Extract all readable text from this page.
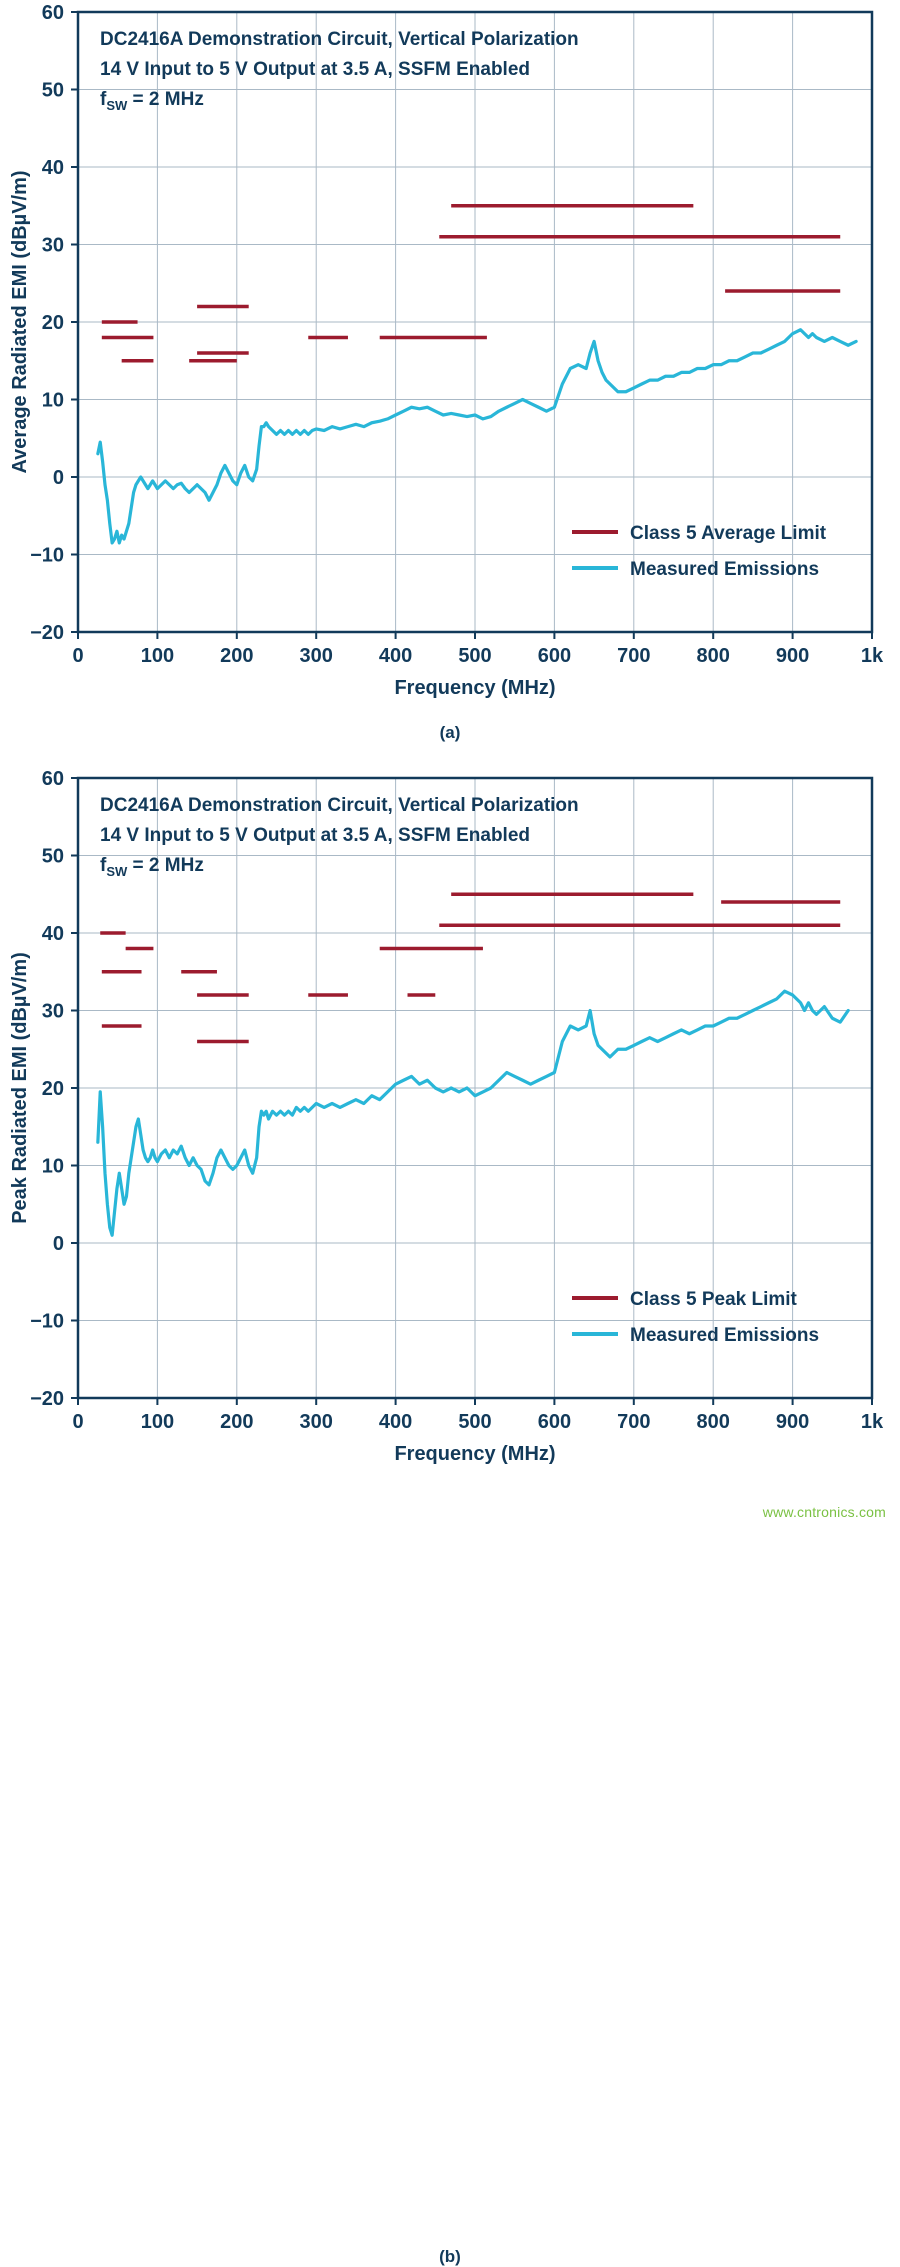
0	100 200 300 400 500 600 700 800 900	1k
−20
−10
0
10
20
30
40
50
60
Frequency (MHz)
Average Radiated EMI (dBµV/m)
DC2416A Demonstration Circuit, Vertical Polarization
14 V Input to 5 V Output at 3.5 A, SSFM Enabled
$f_{SW} = 2$ MHz
Class 5 Average Limit
Measured Emissions
(a)
0	100 200 300 400 500 600 700 800 900	1k
−20
−10
0
10
20
30
40
50
60
Frequency (MHz)
Peak Radiated EMI (dBµV/m)
DC2416A Demonstration Circuit, Vertical Polarization
14 V Input to 5 V Output at 3.5 A, SSFM Enabled
$f_{SW} = 2$ MHz
Class 5 Peak Limit
Measured Emissions
(b)
www.cntronics.com
